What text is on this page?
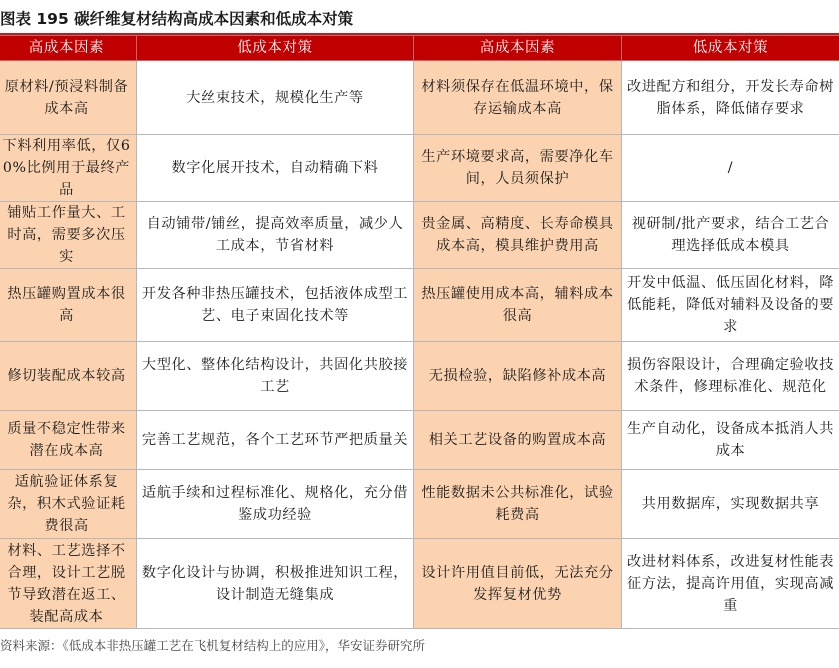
图表 195 碳纤维复材结构高成本因素和低成本对策
高成本因素	低成本对策	高成本因素	低成本对策
原材料/预浸料制备成本高	大丝束技术，规模化生产等	材料须保存在低温环境中，保存运输成本高	改进配方和组分，开发长寿命树脂体系，降低储存要求
下料利用率低，仅60%比例用于最终产品	数字化展开技术，自动精确下料	生产环境要求高，需要净化车间，人员须保护	/
铺贴工作量大、工时高，需要多次压实	自动铺带/铺丝，提高效率质量，减少人工成本，节省材料	贵金属、高精度、长寿命模具成本高，模具维护费用高	视研制/批产要求，结合工艺合理选择低成本模具
热压罐购置成本很高	开发各种非热压罐技术，包括液体成型工艺、电子束固化技术等	热压罐使用成本高，辅料成本很高	开发中低温、低压固化材料，降低能耗，降低对辅料及设备的要求
修切装配成本较高	大型化、整体化结构设计，共固化共胶接工艺	无损检验，缺陷修补成本高	损伤容限设计，合理确定验收技术条件，修理标准化、规范化
质量不稳定性带来潜在成本高	完善工艺规范，各个工艺环节严把质量关	相关工艺设备的购置成本高	生产自动化，设备成本抵消人共成本
适航验证体系复杂，积木式验证耗费很高	适航手续和过程标准化、规格化，充分借鉴成功经验	性能数据未公共标准化，试验耗费高	共用数据库，实现数据共享
材料、工艺选择不合理，设计工艺脱节导致潜在返工、装配高成本	数字化设计与协调，积极推进知识工程，设计制造无缝集成	设计许用值目前低，无法充分发挥复材优势	改进材料体系，改进复材性能表征方法，提高许用值，实现高减重
资料来源：《低成本非热压罐工艺在飞机复材结构上的应用》，华安证券研究所
